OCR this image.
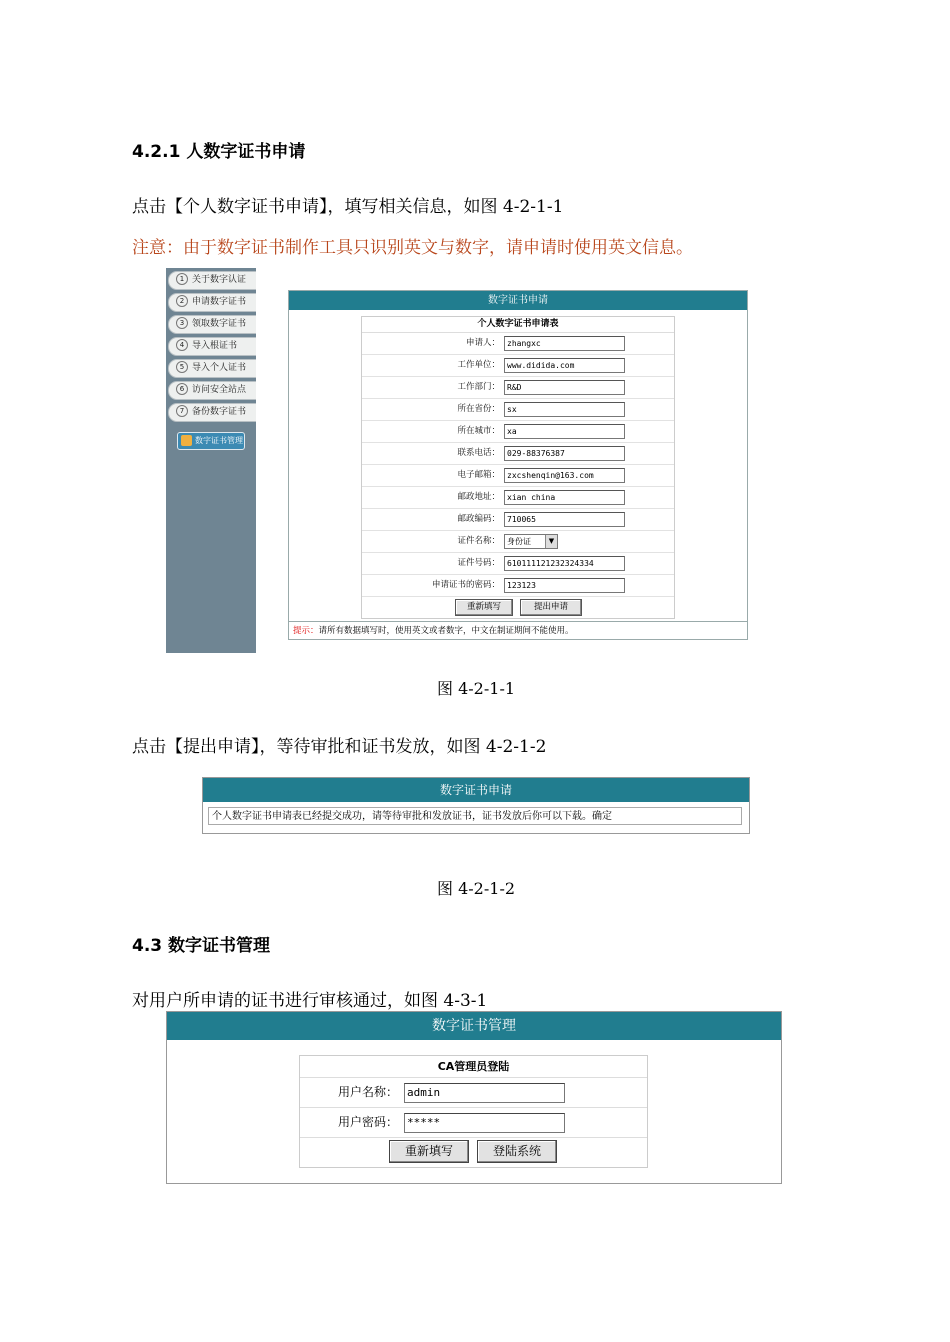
4.2.1 人数字证书申请
点击【个人数字证书申请】，填写相关信息，如图 4-2-1-1
注意：由于数字证书制作工具只识别英文与数字，请申请时使用英文信息。
1 关于数字认证
2 申请数字证书
3 领取数字证书
4 导入根证书
5 导入个人证书
6 访问安全站点
7 备份数字证书
数字证书管理
数字证书申请
个人数字证书申请表
申请人： zhangxc
工作单位： www.dididа.com
工作部门： R&D
所在省份： sx
所在城市： xa
联系电话： 029-88376387
电子邮箱： zxcshenqin@163.com
邮政地址： xian china
邮政编码： 710065
证件名称： 身份证	▼
证件号码： 610111121232324334
申请证书的密码： 123123
重新填写	提出申请
提示：请所有数据填写时，使用英文或者数字，中文在制证期间不能使用。
图 4-2-1-1
点击【提出申请】，等待审批和证书发放，如图 4-2-1-2
数字证书申请
个人数字证书申请表已经提交成功，请等待审批和发放证书，证书发放后你可以下载。确定
图 4-2-1-2
4.3 数字证书管理
对用户所申请的证书进行审核通过，如图 4-3-1
数字证书管理
CA管理员登陆
用户名称： admin
用户密码： *****
重新填写	登陆系统
